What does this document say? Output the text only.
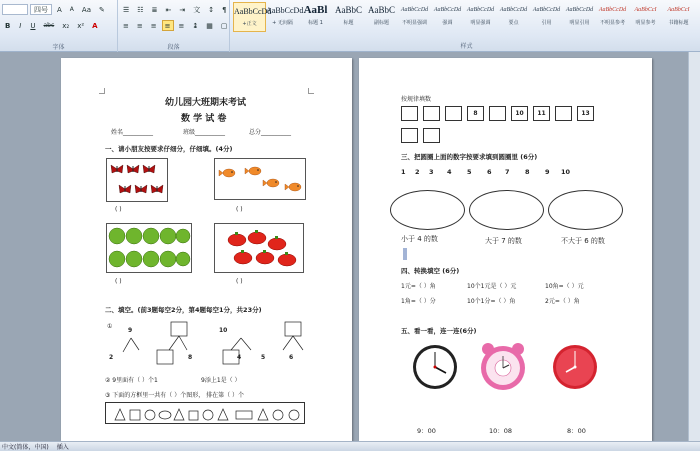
四号	A	A	Aa	✎
B	I	U	abc	x₂	x²	A
字体
☰	☷	≣	⇤	⇥	文	↕	¶
≡	≡	≡	≡	≡	↨	▦	▢
段落
AaBbCcDd
+正文
AaBbCcDd
+ 无间隔
AaBl
标题 1
AaBbC
标题
AaBbC
副标题
AaBbCcDd
不明显强调
AaBbCcDd
强调
AaBbCcDd
明显强调
AaBbCcDd
要点
AaBbCcDd
引用
AaBbCcDd
明显引用
AaBbCcDd
不明显参考
AaBbCcI
明显参考
AaBbCcI
书籍标题
样式
幼儿园大班期末考试
数 学 试 卷
姓名__________	班级__________	总分__________
一、请小朋友按要求仔细分，仔细填。(4分)
( )	( )
( )	( )
二、填空。(前3题每空2分，第4题每空1分，共23分)
①
9
2	8
10
4	5	6
② 9里面有（ ）个1	9添上1是（ ）
③ 下面的方框里一共有（ ）个图形， 排在第（ ）个
按规律填数
三、把圆圈上面的数字按要求填到圆圈里 (6分)
小于 4 的数	大于 7 的数	不大于 6 的数
四、转换填空 (6分)
1元=（ ）角	10个1元是（ ）元	10角=（ ）元
1角=（ ）分	10个1分=（ ）角	2元=（ ）角
五、看一看，连一连(6分)
9：00	10：08	8：00
8	10	11	13
1 2 3 4 5 6 7 8 9 10
中文(简体，中国) 插入
